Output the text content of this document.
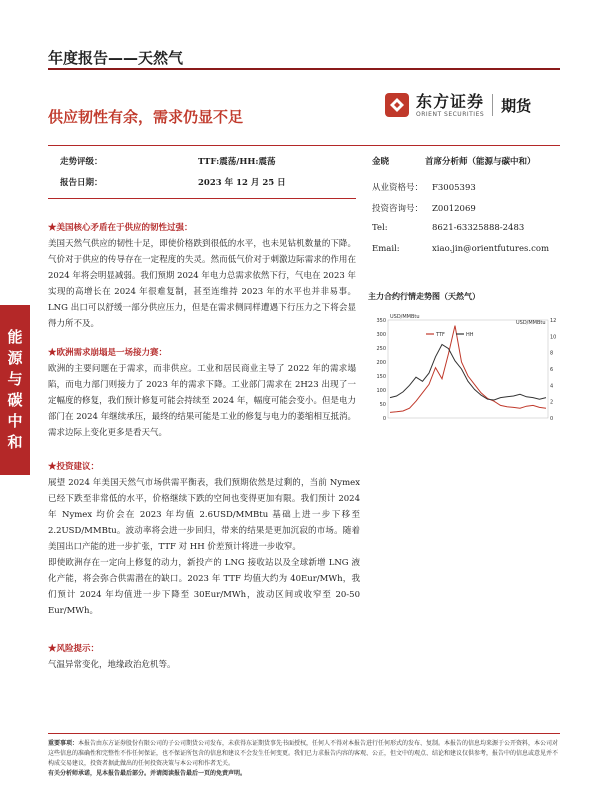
年度报告——天然气
供应韧性有余，需求仍显不足
东方证券
ORIENT SECURITIES 期货
走势评级：	TTF:震荡/HH:震荡
报告日期：	2023 年 12 月 25 日
金晓	首席分析师（能源与碳中和）
从业资格号： F3005393
投资咨询号： Z0012069
Tel:	8621-63325888-2483
Email:	xiao.jin@orientfutures.com
能
源
与
碳
中
和
★美国核心矛盾在于供应的韧性过强：

美国天然气供应的韧性十足，即使价格跌到很低的水平，也未见钻机数量的下降。气价对于供应的传导存在一定程度的失灵。然而低气价对于刺激边际需求的作用在 2024 年将会明显减弱。我们预期 2024 年电力总需求依然下行，气电在 2023 年实现的高增长在 2024 年很难复制，甚至连维持 2023 年的水平也并非易事。LNG 出口可以舒缓一部分供应压力，但是在需求侧同样遭遇下行压力之下将会显得力所不及。

★欧洲需求崩塌是一场接力赛：

欧洲的主要问题在于需求，而非供应。工业和居民商业主导了 2022 年的需求塌陷，而电力部门则接力了 2023 年的需求下降。工业部门需求在 2H23 出现了一定幅度的修复，我们预计修复可能会持续至 2024 年，幅度可能会变小。但是电力部门在 2024 年继续承压，最终的结果可能是工业的修复与电力的萎缩相互抵消。需求边际上变化更多是看天气。

★投资建议：

展望 2024 年美国天然气市场供需平衡表，我们预期依然是过剩的，当前 Nymex 已经下跌至非常低的水平，价格继续下跌的空间也变得更加有限。我们预计 2024 年 Nymex 均价会在 2023 年均值 2.6USD/MMBtu 基础上进一步下移至 2.2USD/MMBtu。波动率将会进一步回归，带来的结果是更加沉寂的市场。随着美国出口产能的进一步扩张，TTF 对 HH 价差预计将进一步收窄。

即使欧洲存在一定向上修复的动力，新投产的 LNG 接收站以及全球新增 LNG 液化产能，将会弥合供需潜在的缺口。2023 年 TTF 均值大约为 40Eur/MWh，我们预计 2024 年均值进一步下降至 30Eur/MWh，波动区间或收窄至 20-50 Eur/MWh。

★风险提示：

气温异常变化，地缘政治危机等。

主力合约行情走势图（天然气）
350
300
250
200
150
100
50
0
12
10
8
6
4
2
0
USD/MMBtu
USD/MMBtu
TTF	HH
重要事项：本报告由东方证券股份有限公司的子公司期货公司发布，未获得东证期货事先书面授权，任何人不得对本报告进行任何形式的发布、复制。本报告的信息均来源于公开资料，本公司对这些信息的准确性和完整性不作任何保证，也不保证所包含的信息和建议不会发生任何变更。我们已力求报告内容的客观、公正，但文中的观点、结论和建议仅供参考，报告中的信息或意见并不构成交易建议，投资者据此做出的任何投资决策与本公司和作者无关。
有关分析师承诺，见本报告最后部分。并请阅读报告最后一页的免责声明。
